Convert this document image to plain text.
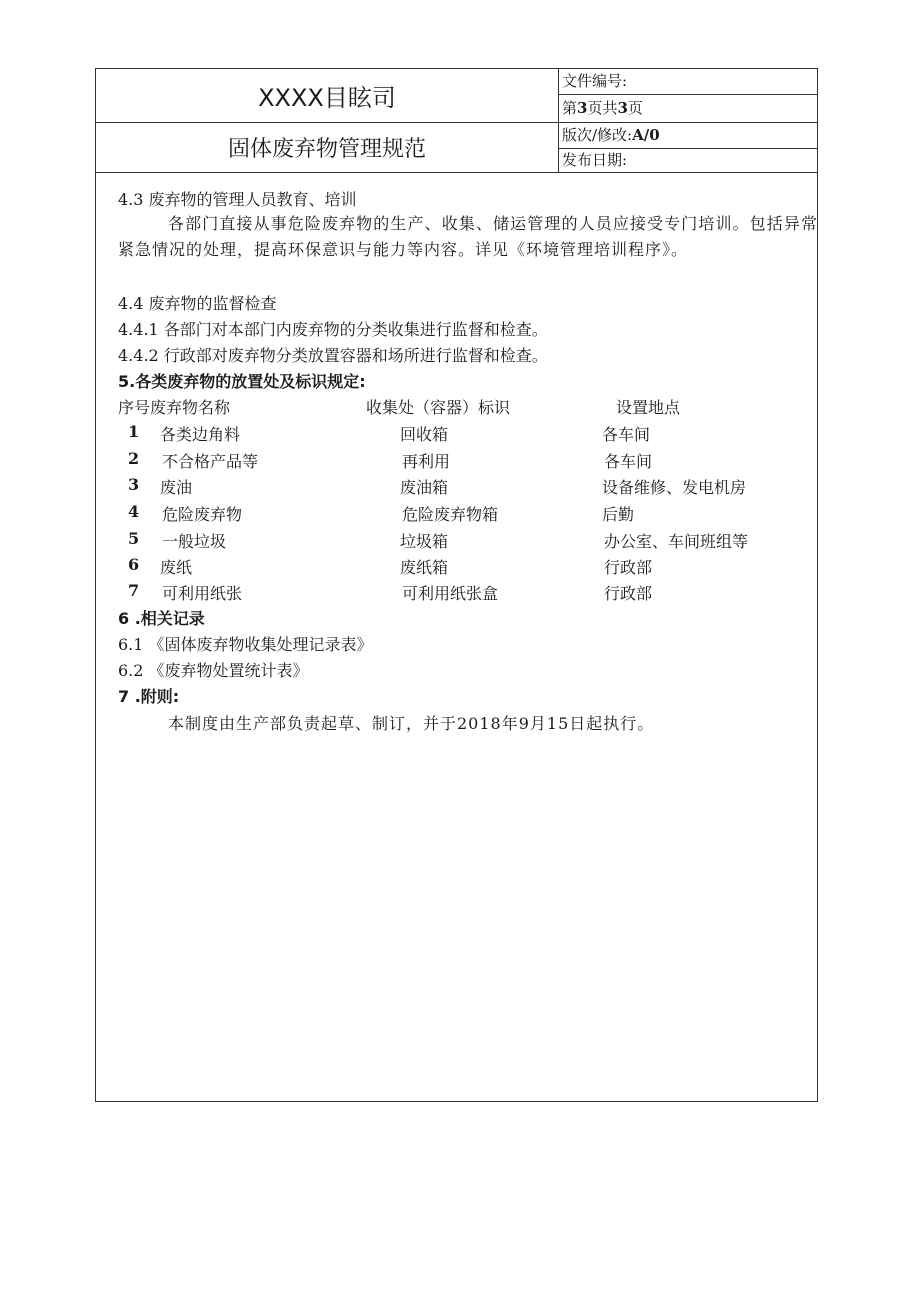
XXXX目眩司
固体废弃物管理规范
文件编号:
第3页共3页
版次/修改:A/0
发布日期:
4.3 废弃物的管理人员教育、培训
各部门直接从事危险废弃物的生产、收集、储运管理的人员应接受专门培训。包括异常紧急情况的处理，提高环保意识与能力等内容。详见《环境管理培训程序》。
4.4 废弃物的监督检查
4.4.1 各部门对本部门内废弃物的分类收集进行监督和检查。
4.4.2 行政部对废弃物分类放置容器和场所进行监督和检查。
5.各类废弃物的放置处及标识规定:
序号废弃物名称	收集处（容器）标识	设置地点
1 各类边角料	回收箱	各车间
2 不合格产品等	再利用	各车间
3 废油	废油箱	设备维修、发电机房
4 危险废弃物	危险废弃物箱	后勤
5 一般垃圾	垃圾箱	办公室、车间班组等
6 废纸	废纸箱	行政部
7 可利用纸张	可利用纸张盒	行政部
6 .相关记录
6.1 《固体废弃物收集处理记录表》
6.2 《废弃物处置统计表》
7 .附则:
本制度由生产部负责起草、制订，并于2018年9月15日起执行。
